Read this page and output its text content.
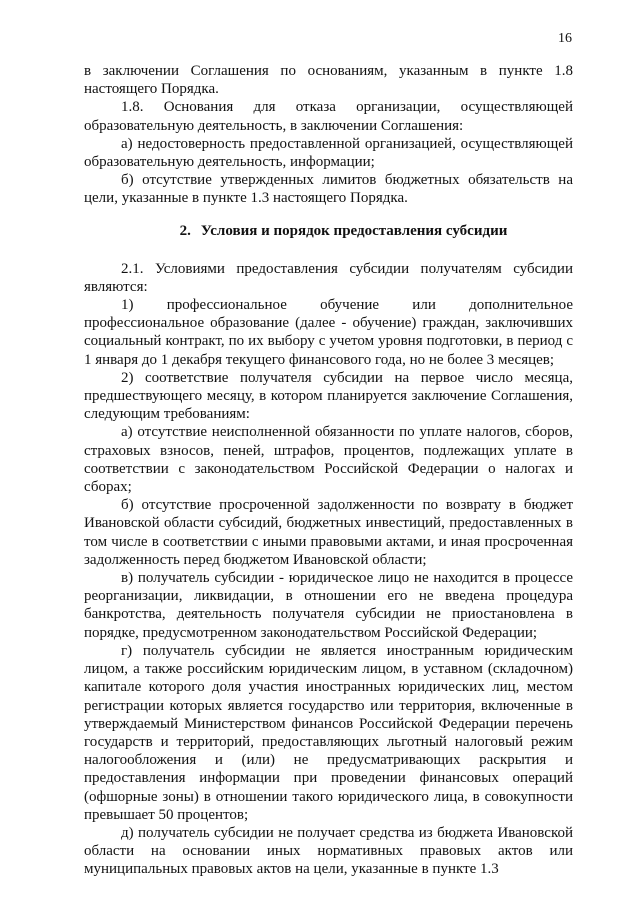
16

в заключении Соглашения по основаниям, указанным в пункте 1.8 настоящего Порядка.

1.8. Основания для отказа организации, осуществляющей образовательную деятельность, в заключении Соглашения:

а) недостоверность предоставленной организацией, осуществляющей образовательную деятельность, информации;

б) отсутствие утвержденных лимитов бюджетных обязательств на цели, указанные в пункте 1.3 настоящего Порядка.

2. Условия и порядок предоставления субсидии

2.1. Условиями предоставления субсидии получателям субсидии являются:

1) профессиональное обучение или дополнительное профессиональное образование (далее - обучение) граждан, заключивших социальный контракт, по их выбору с учетом уровня подготовки, в период с 1 января до 1 декабря текущего финансового года, но не более 3 месяцев;

2) соответствие получателя субсидии на первое число месяца, предшествующего месяцу, в котором планируется заключение Соглашения, следующим требованиям:

а) отсутствие неисполненной обязанности по уплате налогов, сборов, страховых взносов, пеней, штрафов, процентов, подлежащих уплате в соответствии с законодательством Российской Федерации о налогах и сборах;

б) отсутствие просроченной задолженности по возврату в бюджет Ивановской области субсидий, бюджетных инвестиций, предоставленных в том числе в соответствии с иными правовыми актами, и иная просроченная задолженность перед бюджетом Ивановской области;

в) получатель субсидии - юридическое лицо не находится в процессе реорганизации, ликвидации, в отношении его не введена процедура банкротства, деятельность получателя субсидии не приостановлена в порядке, предусмотренном законодательством Российской Федерации;

г) получатель субсидии не является иностранным юридическим лицом, а также российским юридическим лицом, в уставном (складочном) капитале которого доля участия иностранных юридических лиц, местом регистрации которых является государство или территория, включенные в утверждаемый Министерством финансов Российской Федерации перечень государств и территорий, предоставляющих льготный налоговый режим налогообложения и (или) не предусматривающих раскрытия и предоставления информации при проведении финансовых операций (офшорные зоны) в отношении такого юридического лица, в совокупности превышает 50 процентов;

д) получатель субсидии не получает средства из бюджета Ивановской области на основании иных нормативных правовых актов или муниципальных правовых актов на цели, указанные в пункте 1.3
